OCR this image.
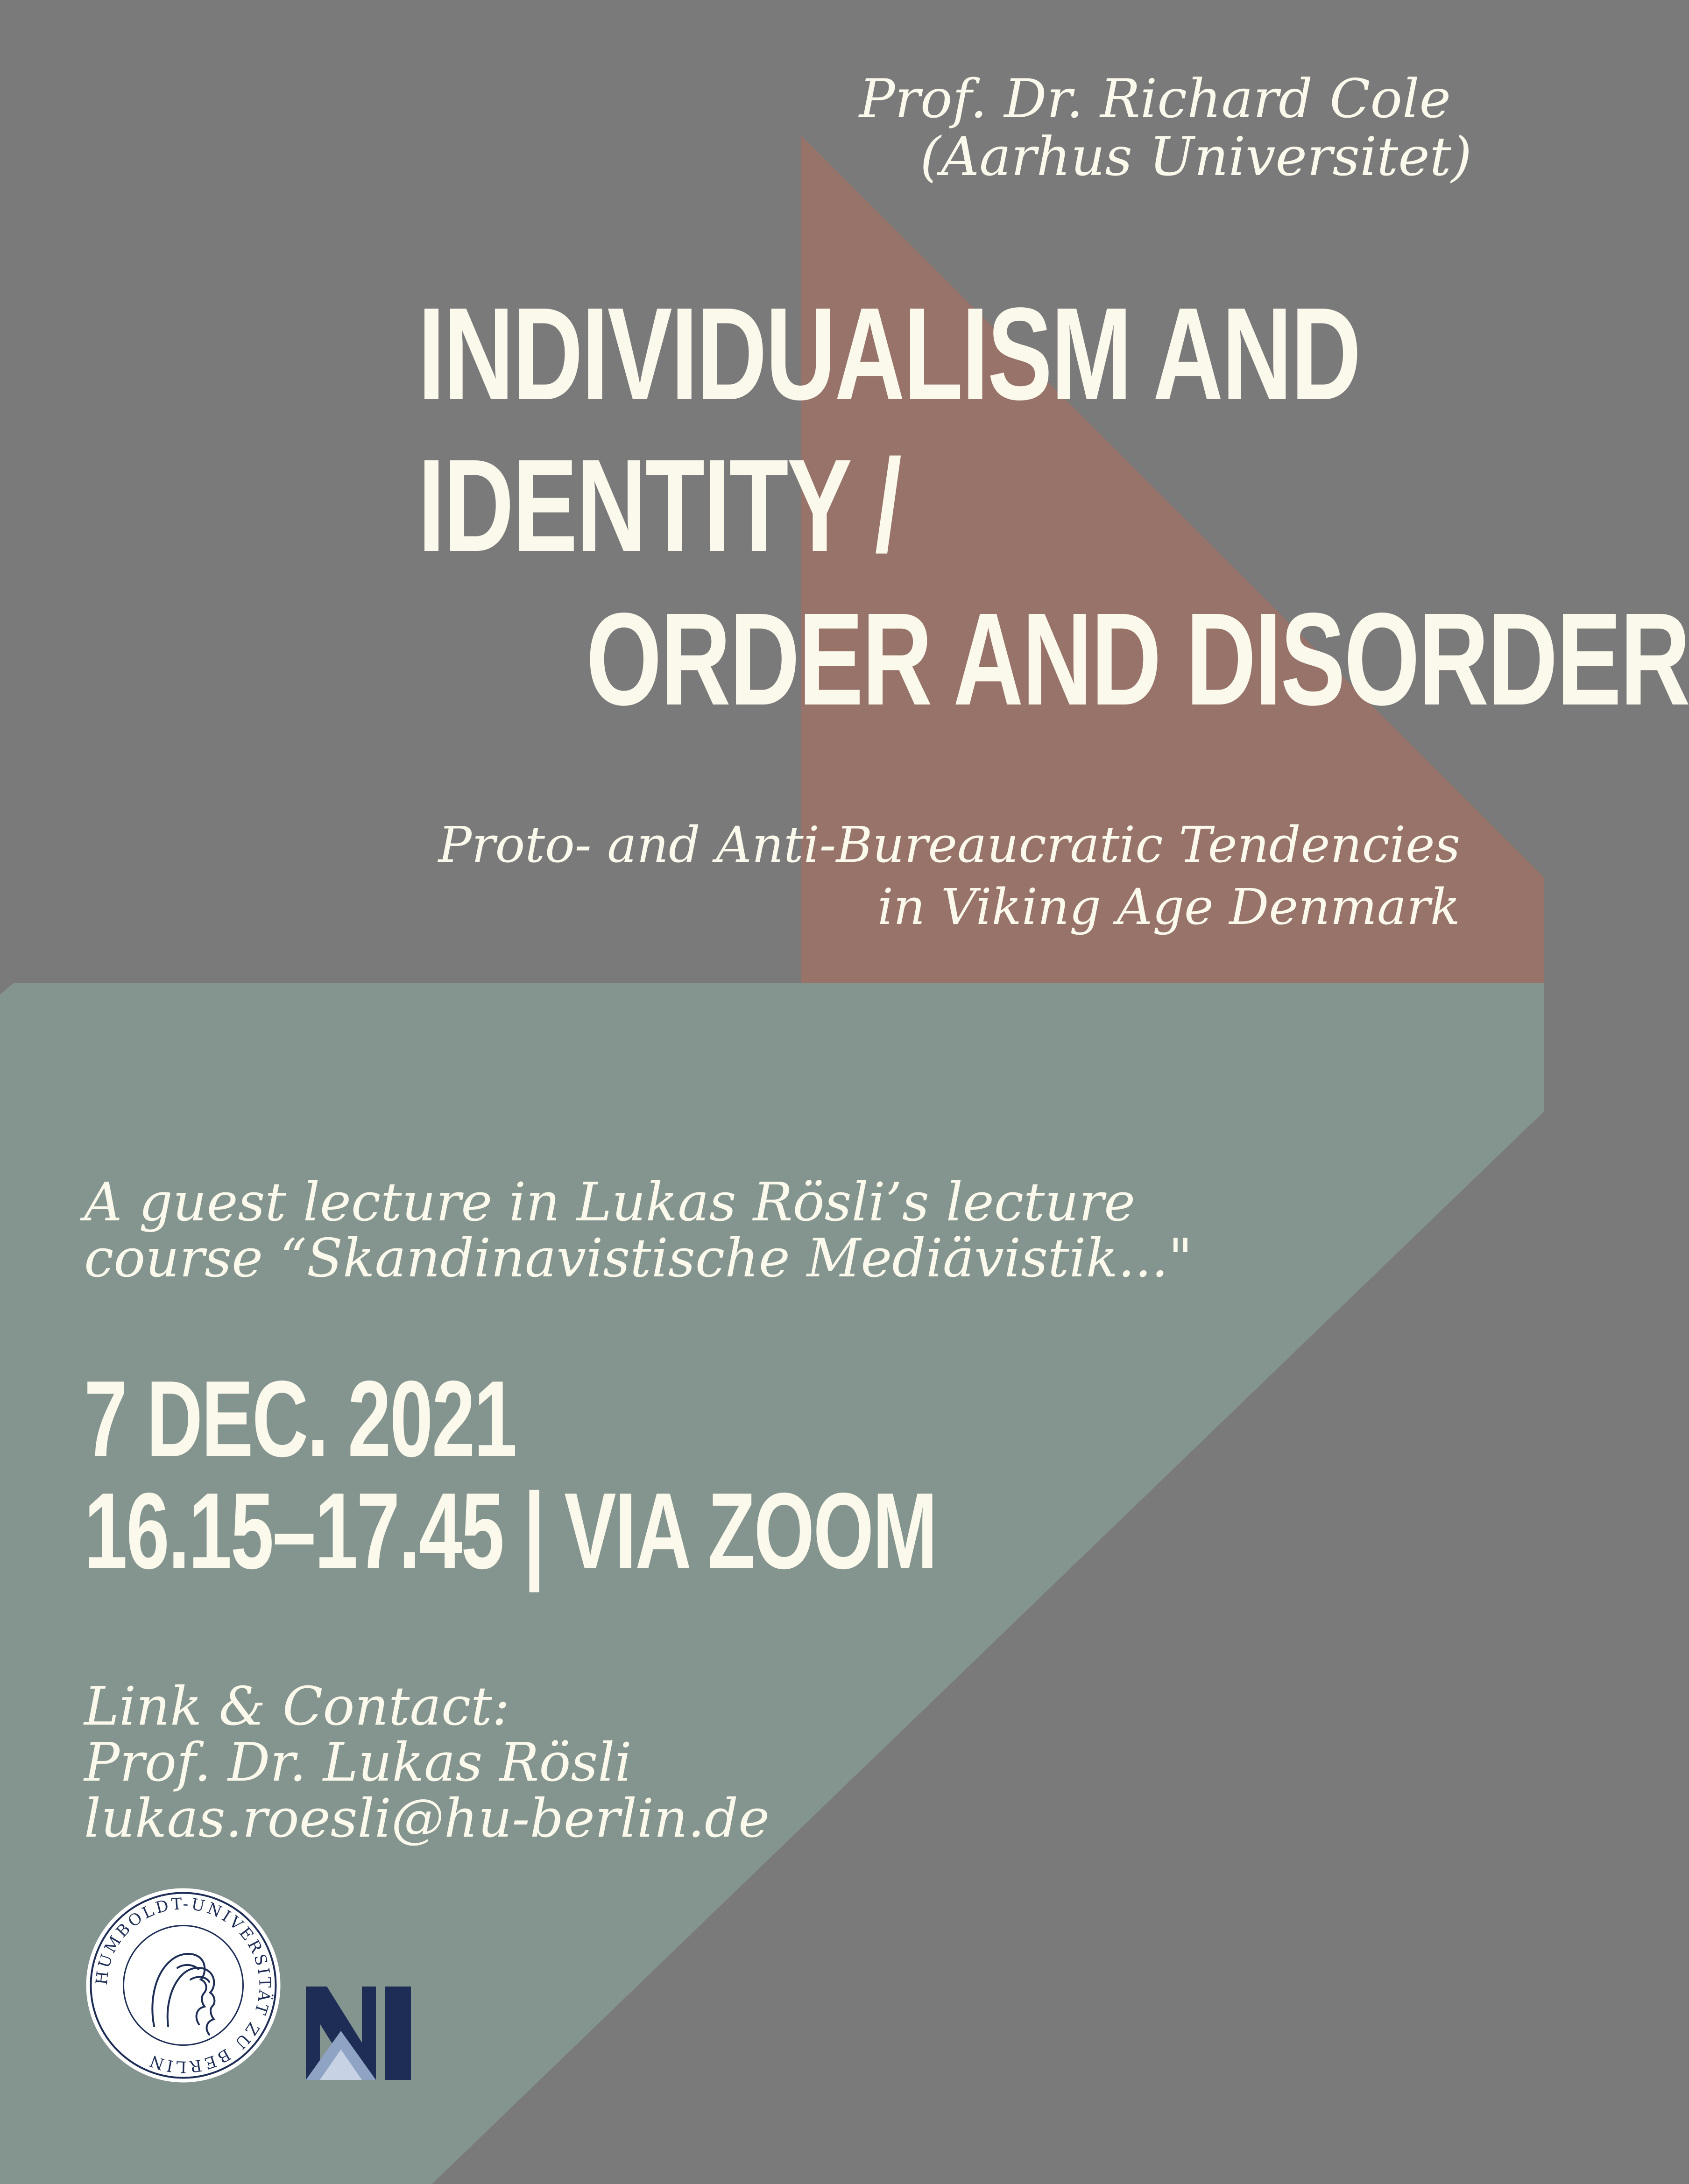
Prof. Dr. Richard Cole

(Aarhus Universitet)

INDIVIDUALISM AND
IDENTITY /
ORDER AND DISORDER

Proto- and Anti-Bureaucratic Tendencies

in Viking Age Denmark

A guest lecture in Lukas Rösli’s lecture

course “Skandinavistische Mediävistik..."

7 DEC. 2021
16.15–17.45 | VIA ZOOM

Link & Contact:

Prof. Dr. Lukas Rösli

lukas.roesli@hu-berlin.de

HUMBOLDT-UNIVERSITÄT ZU BERLIN
